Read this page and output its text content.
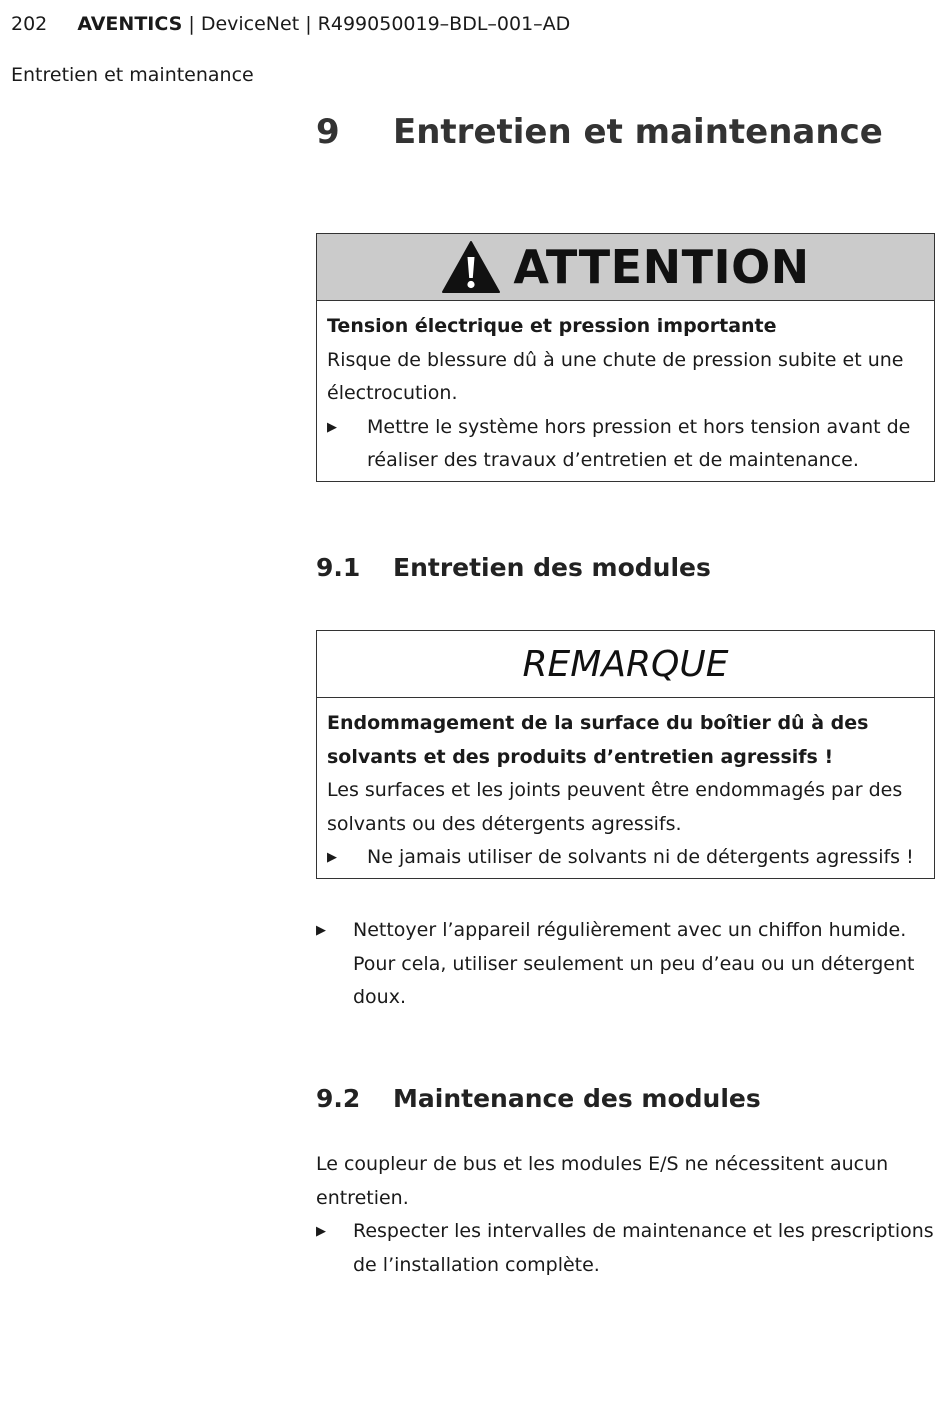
202 AVENTICS | DeviceNet | R499050019–BDL–001–AD
Entretien et maintenance
9 Entretien et maintenance
ATTENTION
Tension électrique et pression importante
Risque de blessure dû à une chute de pression subite et une électrocution.
▶	Mettre le système hors pression et hors tension avant de réaliser des travaux d’entretien et de maintenance.
9.1 Entretien des modules
REMARQUE
Endommagement de la surface du boîtier dû à des solvants et des produits d’entretien agressifs !
Les surfaces et les joints peuvent être endommagés par des solvants ou des détergents agressifs.
▶	Ne jamais utiliser de solvants ni de détergents agressifs !
▶	Nettoyer l’appareil régulièrement avec un chiffon humide. Pour cela, utiliser seulement un peu d’eau ou un détergent doux.
9.2 Maintenance des modules
Le coupleur de bus et les modules E/S ne nécessitent aucun entretien.
▶	Respecter les intervalles de maintenance et les prescriptions de l’installation complète.
